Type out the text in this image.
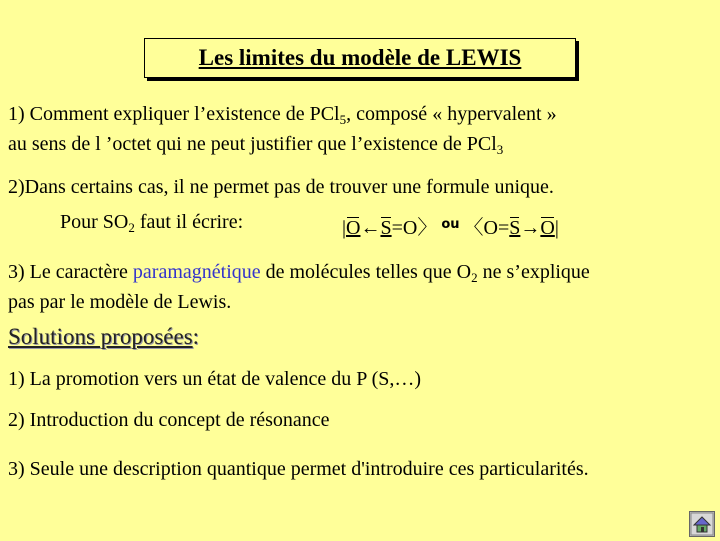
Les limites du modèle de LEWIS
1) Comment expliquer l’existence de PCl$_5$, composé « hypervalent »
au sens de l ’octet qui ne peut justifier que l’existence de PCl$_3$
2)Dans certains cas, il ne permet pas de trouver une formule unique.
Pour $SO_2$ faut il écrire:	|O←S=O〉 $^{ou}$ 〈O=S→O|
3) Le caractère paramagnétique de molécules telles que $O_2$ ne s’explique
pas par le modèle de Lewis.
Solutions proposées:
1) La promotion vers un état de valence du P (S,…)
2) Introduction du concept de résonance
3) Seule une description quantique permet d'introduire ces particularités.
